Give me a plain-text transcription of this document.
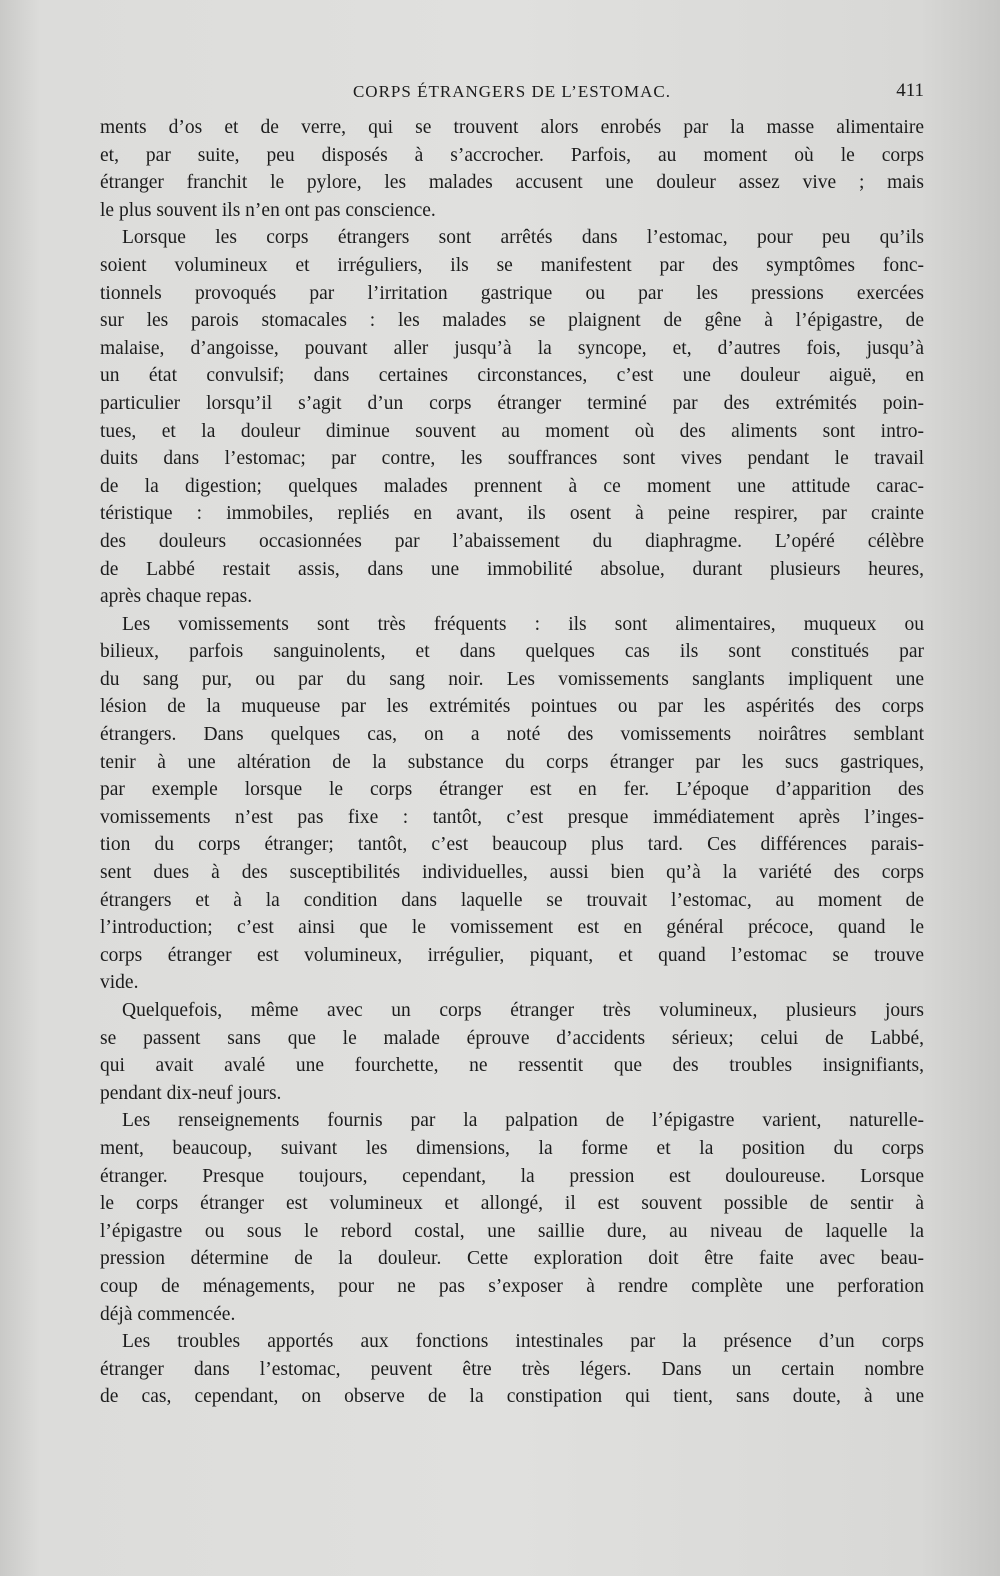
CORPS ÉTRANGERS DE L’ESTOMAC.	411
ments d’os et de verre, qui se trouvent alors enrobés par la masse alimentaire
et, par suite, peu disposés à s’accrocher. Parfois, au moment où le corps
étranger franchit le pylore, les malades accusent une douleur assez vive ; mais
le plus souvent ils n’en ont pas conscience.
Lorsque les corps étrangers sont arrêtés dans l’estomac, pour peu qu’ils
soient volumineux et irréguliers, ils se manifestent par des symptômes fonc-
tionnels provoqués par l’irritation gastrique ou par les pressions exercées
sur les parois stomacales : les malades se plaignent de gêne à l’épigastre, de
malaise, d’angoisse, pouvant aller jusqu’à la syncope, et, d’autres fois, jusqu’à
un état convulsif; dans certaines circonstances, c’est une douleur aiguë, en
particulier lorsqu’il s’agit d’un corps étranger terminé par des extrémités poin-
tues, et la douleur diminue souvent au moment où des aliments sont intro-
duits dans l’estomac; par contre, les souffrances sont vives pendant le travail
de la digestion; quelques malades prennent à ce moment une attitude carac-
téristique : immobiles, repliés en avant, ils osent à peine respirer, par crainte
des douleurs occasionnées par l’abaissement du diaphragme. L’opéré célèbre
de Labbé restait assis, dans une immobilité absolue, durant plusieurs heures,
après chaque repas.
Les vomissements sont très fréquents : ils sont alimentaires, muqueux ou
bilieux, parfois sanguinolents, et dans quelques cas ils sont constitués par
du sang pur, ou par du sang noir. Les vomissements sanglants impliquent une
lésion de la muqueuse par les extrémités pointues ou par les aspérités des corps
étrangers. Dans quelques cas, on a noté des vomissements noirâtres semblant
tenir à une altération de la substance du corps étranger par les sucs gastriques,
par exemple lorsque le corps étranger est en fer. L’époque d’apparition des
vomissements n’est pas fixe : tantôt, c’est presque immédiatement après l’inges-
tion du corps étranger; tantôt, c’est beaucoup plus tard. Ces différences parais-
sent dues à des susceptibilités individuelles, aussi bien qu’à la variété des corps
étrangers et à la condition dans laquelle se trouvait l’estomac, au moment de
l’introduction; c’est ainsi que le vomissement est en général précoce, quand le
corps étranger est volumineux, irrégulier, piquant, et quand l’estomac se trouve
vide.
Quelquefois, même avec un corps étranger très volumineux, plusieurs jours
se passent sans que le malade éprouve d’accidents sérieux; celui de Labbé,
qui avait avalé une fourchette, ne ressentit que des troubles insignifiants,
pendant dix-neuf jours.
Les renseignements fournis par la palpation de l’épigastre varient, naturelle-
ment, beaucoup, suivant les dimensions, la forme et la position du corps
étranger. Presque toujours, cependant, la pression est douloureuse. Lorsque
le corps étranger est volumineux et allongé, il est souvent possible de sentir à
l’épigastre ou sous le rebord costal, une saillie dure, au niveau de laquelle la
pression détermine de la douleur. Cette exploration doit être faite avec beau-
coup de ménagements, pour ne pas s’exposer à rendre complète une perforation
déjà commencée.
Les troubles apportés aux fonctions intestinales par la présence d’un corps
étranger dans l’estomac, peuvent être très légers. Dans un certain nombre
de cas, cependant, on observe de la constipation qui tient, sans doute, à une
